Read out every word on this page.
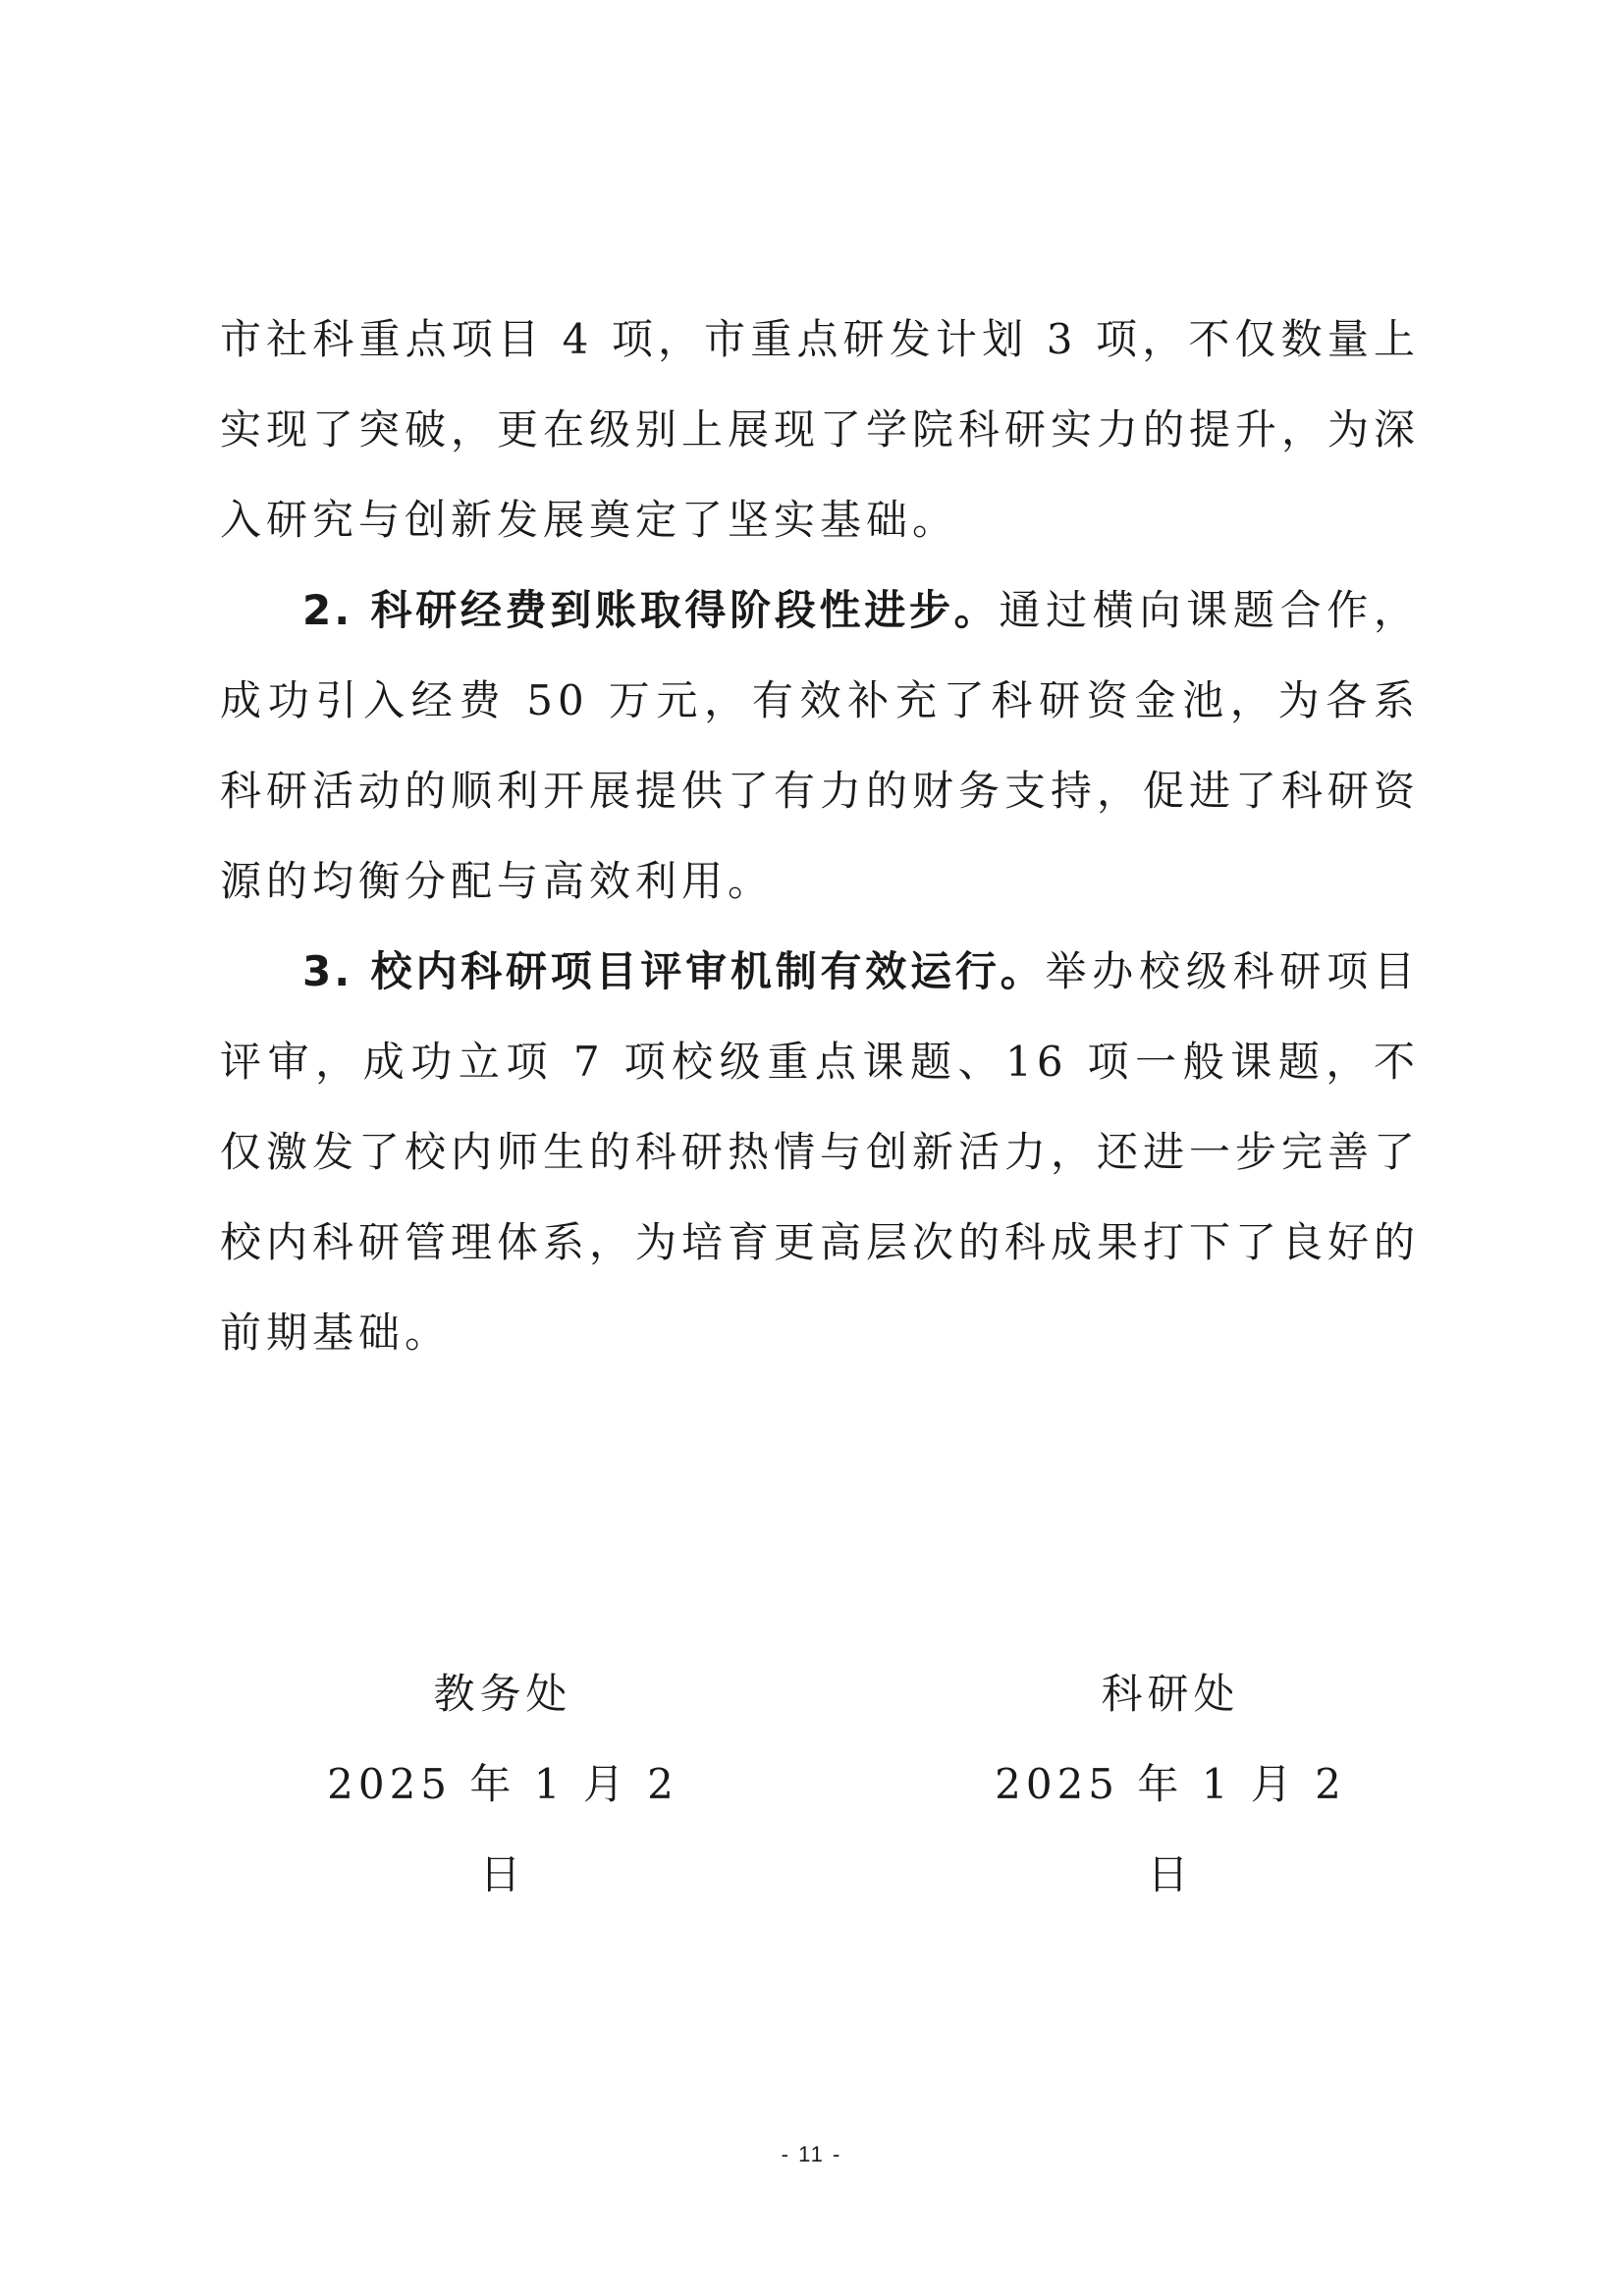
市社科重点项目 4 项，市重点研发计划 3 项，不仅数量上实现了突破，更在级别上展现了学院科研实力的提升，为深入研究与创新发展奠定了坚实基础。

2. 科研经费到账取得阶段性进步。通过横向课题合作，成功引入经费 50 万元，有效补充了科研资金池，为各系科研活动的顺利开展提供了有力的财务支持，促进了科研资源的均衡分配与高效利用。

3. 校内科研项目评审机制有效运行。举办校级科研项目评审，成功立项 7 项校级重点课题、16 项一般课题，不仅激发了校内师生的科研热情与创新活力，还进一步完善了校内科研管理体系，为培育更高层次的科成果打下了良好的前期基础。

教务处
2025 年 1 月 2 日
科研处
2025 年 1 月 2 日
- 11 -
